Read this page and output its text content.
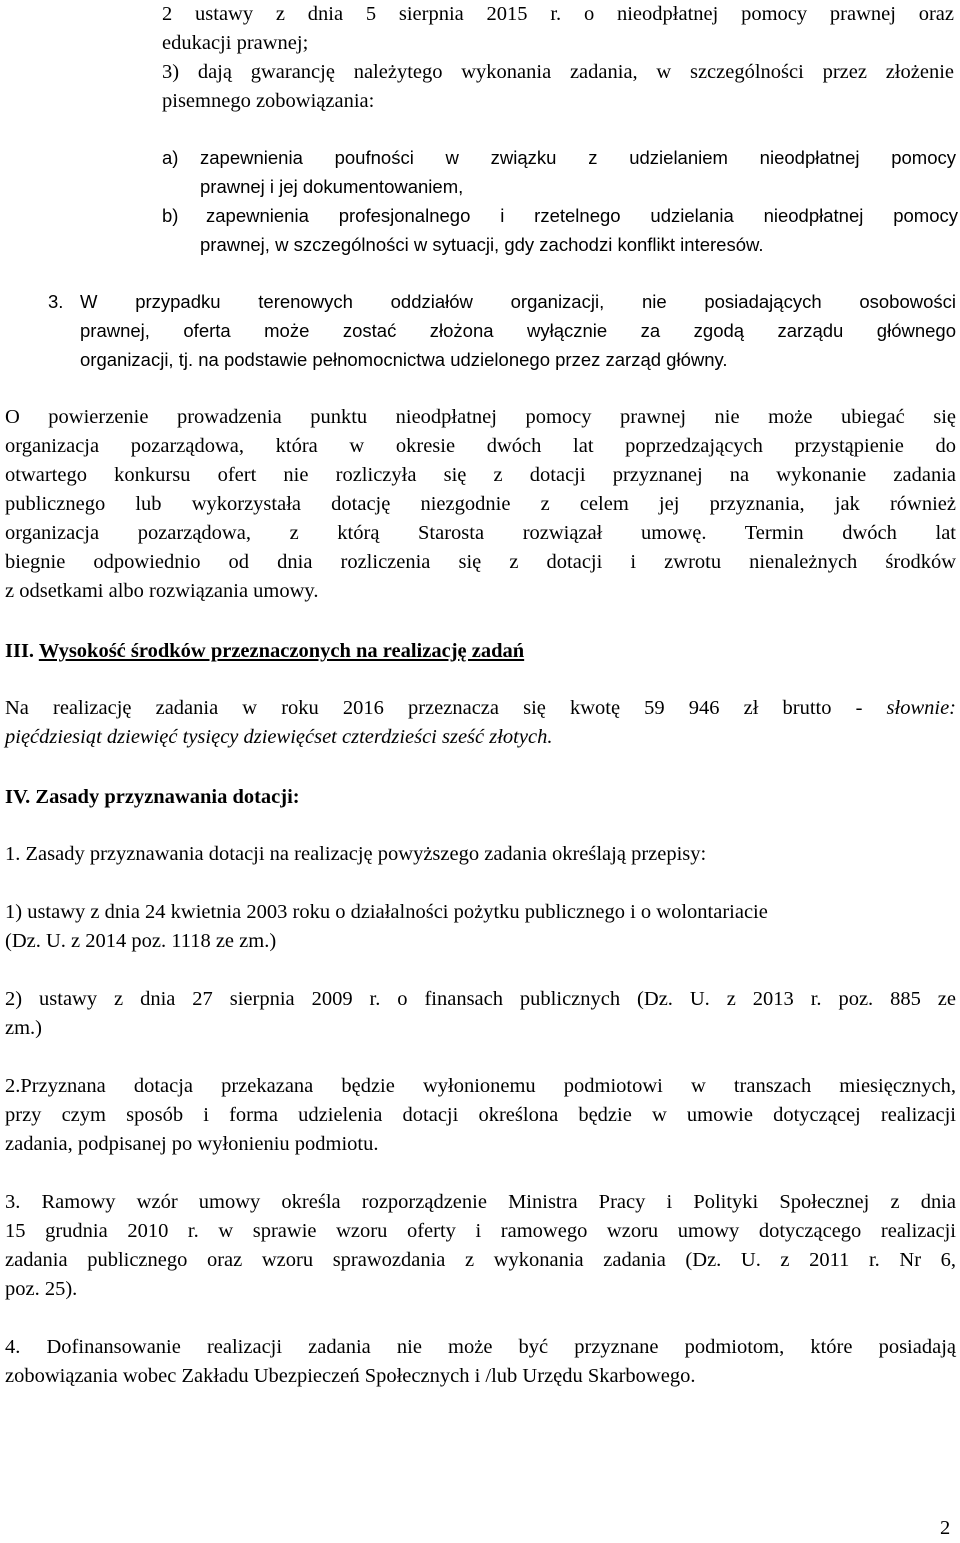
2 ustawy z dnia 5 sierpnia 2015 r. o nieodpłatnej pomocy prawnej oraz
edukacji prawnej;
3) dają gwarancję należytego wykonania zadania, w szczególności przez złożenie
pisemnego zobowiązania:
a) zapewnienia poufności w związku z udzielaniem nieodpłatnej pomocy
prawnej i jej dokumentowaniem,
b) zapewnienia profesjonalnego i rzetelnego udzielania nieodpłatnej pomocy
prawnej, w szczególności w sytuacji, gdy zachodzi konflikt interesów.
3. W przypadku terenowych oddziałów organizacji, nie posiadających osobowości
prawnej, oferta może zostać złożona wyłącznie za zgodą zarządu głównego
organizacji, tj. na podstawie pełnomocnictwa udzielonego przez zarząd główny.
O powierzenie prowadzenia punktu nieodpłatnej pomocy prawnej nie może ubiegać się
organizacja pozarządowa, która w okresie dwóch lat poprzedzających przystąpienie do
otwartego konkursu ofert nie rozliczyła się z dotacji przyznanej na wykonanie zadania
publicznego lub wykorzystała dotację niezgodnie z celem jej przyznania, jak również
organizacja pozarządowa, z którą Starosta rozwiązał umowę. Termin dwóch lat
biegnie odpowiednio od dnia rozliczenia się z dotacji i zwrotu nienależnych środków
z odsetkami albo rozwiązania umowy.
III. Wysokość środków przeznaczonych na realizację zadań
Na realizację zadania w roku 2016 przeznacza się kwotę 59 946 zł brutto - słownie:
pięćdziesiąt dziewięć tysięcy dziewięćset czterdzieści sześć złotych.
IV. Zasady przyznawania dotacji:
1. Zasady przyznawania dotacji na realizację powyższego zadania określają przepisy:
1) ustawy z dnia 24 kwietnia 2003 roku o działalności pożytku publicznego i o wolontariacie
(Dz. U. z 2014 poz. 1118 ze zm.)
2) ustawy z dnia 27 sierpnia 2009 r. o finansach publicznych (Dz. U. z 2013 r. poz. 885 ze
zm.)
2.Przyznana dotacja przekazana będzie wyłonionemu podmiotowi w transzach miesięcznych,
przy czym sposób i forma udzielenia dotacji określona będzie w umowie dotyczącej realizacji
zadania, podpisanej po wyłonieniu podmiotu.
3. Ramowy wzór umowy określa rozporządzenie Ministra Pracy i Polityki Społecznej z dnia
15 grudnia 2010 r. w sprawie wzoru oferty i ramowego wzoru umowy dotyczącego realizacji
zadania publicznego oraz wzoru sprawozdania z wykonania zadania (Dz. U. z 2011 r. Nr 6,
poz. 25).
4. Dofinansowanie realizacji zadania nie może być przyznane podmiotom, które posiadają
zobowiązania wobec Zakładu Ubezpieczeń Społecznych i /lub Urzędu Skarbowego.
2
